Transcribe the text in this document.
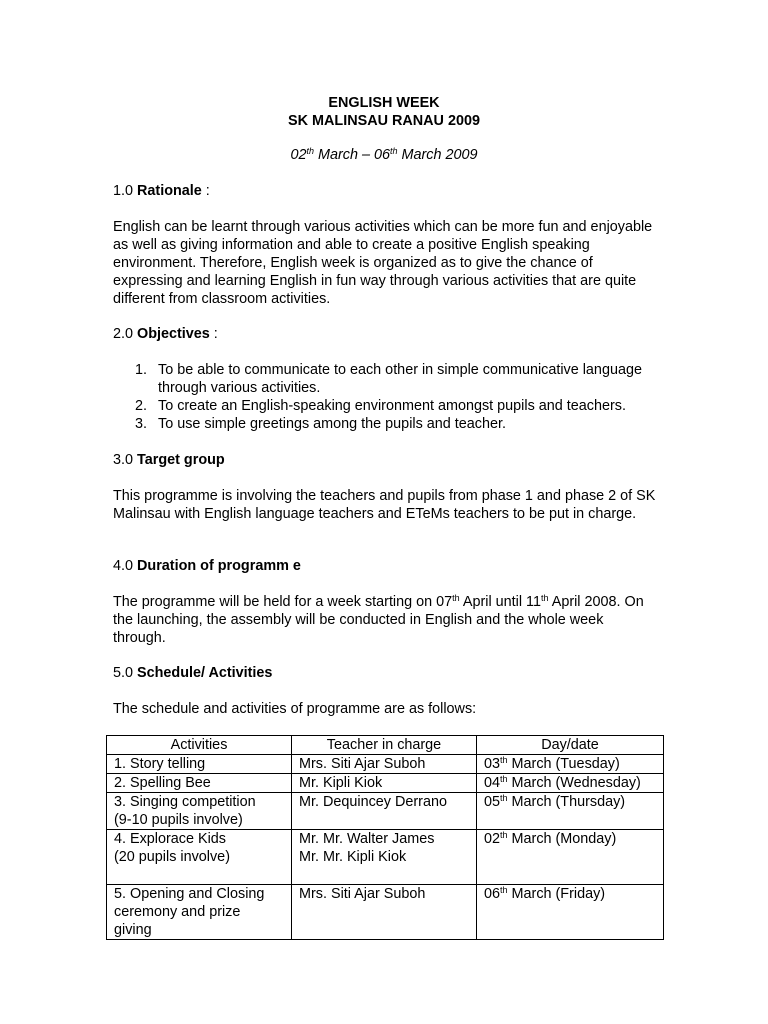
ENGLISH WEEK
SK MALINSAU RANAU 2009
02th March – 06th March 2009
1.0 Rationale :
English can be learnt through various activities which can be more fun and enjoyable as well as giving information and able to create a positive English speaking environment. Therefore, English week is organized as to give the chance of expressing and learning English in fun way through various activities that are quite different from classroom activities.
2.0 Objectives :
1. To be able to communicate to each other in simple communicative language through various activities.
2. To create an English-speaking environment amongst pupils and teachers.
3. To use simple greetings among the pupils and teacher.
3.0 Target group
This programme is involving the teachers and pupils from phase 1 and phase 2 of SK Malinsau with English language teachers and ETeMs teachers to be put in charge.
4.0 Duration of programm e
The programme will be held for a week starting on 07th April until 11th April 2008. On the launching, the assembly will be conducted in English and the whole week through.
5.0 Schedule/ Activities
The schedule and activities of programme are as follows:
Activities	Teacher in charge	Day/date

1. Story telling	Mrs. Siti Ajar Suboh	03th March (Tuesday)

2. Spelling Bee	Mr. Kipli Kiok	04th March (Wednesday)

3. Singing competition
(9-10 pupils involve)	Mr. Dequincey Derrano	05th March (Thursday)

4. Explorace Kids
(20 pupils involve)	Mr. Mr. Walter James
Mr. Mr. Kipli Kiok	02th March (Monday)

5. Opening and Closing
ceremony and prize
giving	Mrs. Siti Ajar Suboh	06th March (Friday)
